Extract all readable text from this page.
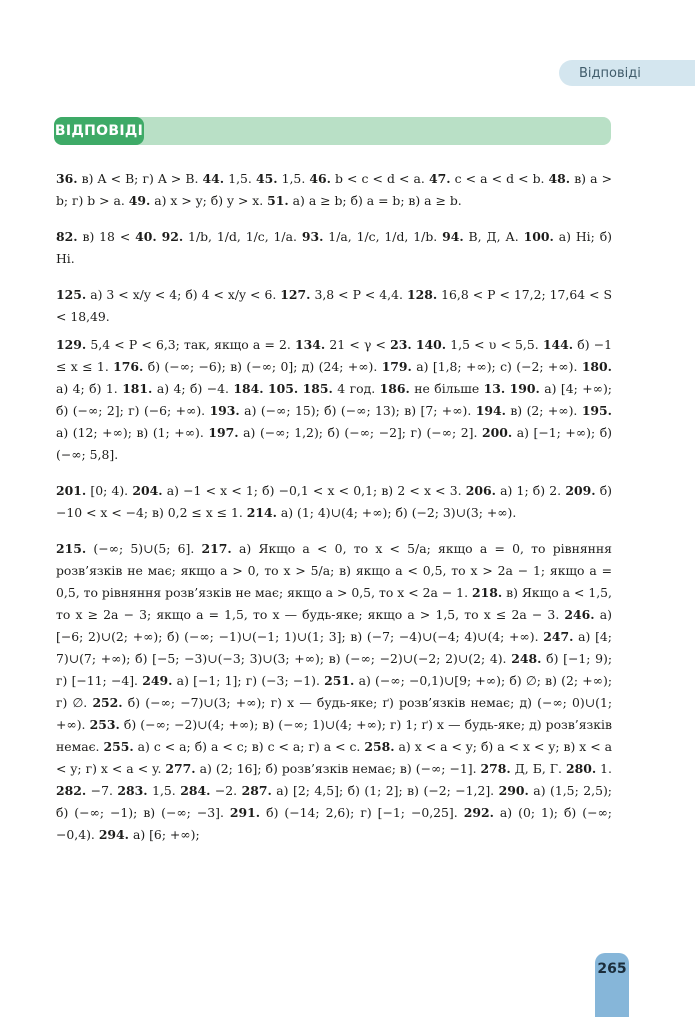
Відповіді
ВІДПОВІДІ

36. в) A < B; г) A > B. 44. 1,5. 45. 1,5. 46. b < c < d < a. 47. c < a < d < b. 48. в) a > b; г) b > a. 49. а) x > y; б) y > x. 51. а) a ≥ b; б) a = b; в) a ≥ b.

82. в) 18 < 40. 92. 1/b, 1/d, 1/c, 1/a. 93. 1/a, 1/c, 1/d, 1/b. 94. В, Д, А. 100. а) Ні; б) Ні.

125. а) 3 < x/y < 4; б) 4 < x/y < 6. 127. 3,8 < P < 4,4. 128. 16,8 < P < 17,2; 17,64 < S < 18,49.

129. 5,4 < P < 6,3; так, якщо a = 2. 134. 21 < γ < 23. 140. 1,5 < υ < 5,5. 144. б) −1 ≤ x ≤ 1. 176. б) (−∞; −6); в) (−∞; 0]; д) (24; +∞). 179. а) [1,8; +∞); с) (−2; +∞). 180. а) 4; б) 1. 181. а) 4; б) −4. 184. 105. 185. 4 год. 186. не більше 13. 190. а) [4; +∞); б) (−∞; 2]; г) (−6; +∞). 193. а) (−∞; 15); б) (−∞; 13); в) [7; +∞). 194. в) (2; +∞). 195. а) (12; +∞); в) (1; +∞). 197. а) (−∞; 1,2); б) (−∞; −2]; г) (−∞; 2]. 200. а) [−1; +∞); б) (−∞; 5,8].

201. [0; 4). 204. а) −1 < x < 1; б) −0,1 < x < 0,1; в) 2 < x < 3. 206. а) 1; б) 2. 209. б) −10 < x < −4; в) 0,2 ≤ x ≤ 1. 214. а) (1; 4)∪(4; +∞); б) (−2; 3)∪(3; +∞).

215. (−∞; 5)∪(5; 6]. 217. а) Якщо a < 0, то x < 5/a; якщо a = 0, то рівняння розв’язків не має; якщо a > 0, то x > 5/a; в) якщо a < 0,5, то x > 2a − 1; якщо a = 0,5, то рівняння розв’язків не має; якщо a > 0,5, то x < 2a − 1. 218. в) Якщо a < 1,5, то x ≥ 2a − 3; якщо a = 1,5, то x — будь-яке; якщо a > 1,5, то x ≤ 2a − 3. 246. а) [−6; 2)∪(2; +∞); б) (−∞; −1)∪(−1; 1)∪(1; 3]; в) (−7; −4)∪(−4; 4)∪(4; +∞). 247. а) [4; 7)∪(7; +∞); б) [−5; −3)∪(−3; 3)∪(3; +∞); в) (−∞; −2)∪(−2; 2)∪(2; 4). 248. б) [−1; 9); г) [−11; −4]. 249. а) [−1; 1]; г) (−3; −1). 251. а) (−∞; −0,1)∪[9; +∞); б) ∅; в) (2; +∞); г) ∅. 252. б) (−∞; −7)∪(3; +∞); г) x — будь-яке; ґ) розв’язків немає; д) (−∞; 0)∪(1; +∞). 253. б) (−∞; −2)∪(4; +∞); в) (−∞; 1)∪(4; +∞); г) 1; ґ) x — будь-яке; д) розв’язків немає. 255. а) c < a; б) a < c; в) c < a; г) a < c. 258. а) x < a < y; б) a < x < y; в) x < a < y; г) x < a < y. 277. а) (2; 16]; б) розв’язків немає; в) (−∞; −1]. 278. Д, Б, Г. 280. 1. 282. −7. 283. 1,5. 284. −2. 287. а) [2; 4,5]; б) (1; 2]; в) (−2; −1,2]. 290. а) (1,5; 2,5); б) (−∞; −1); в) (−∞; −3]. 291. б) (−14; 2,6); г) [−1; −0,25]. 292. а) (0; 1); б) (−∞; −0,4). 294. а) [6; +∞);

265
